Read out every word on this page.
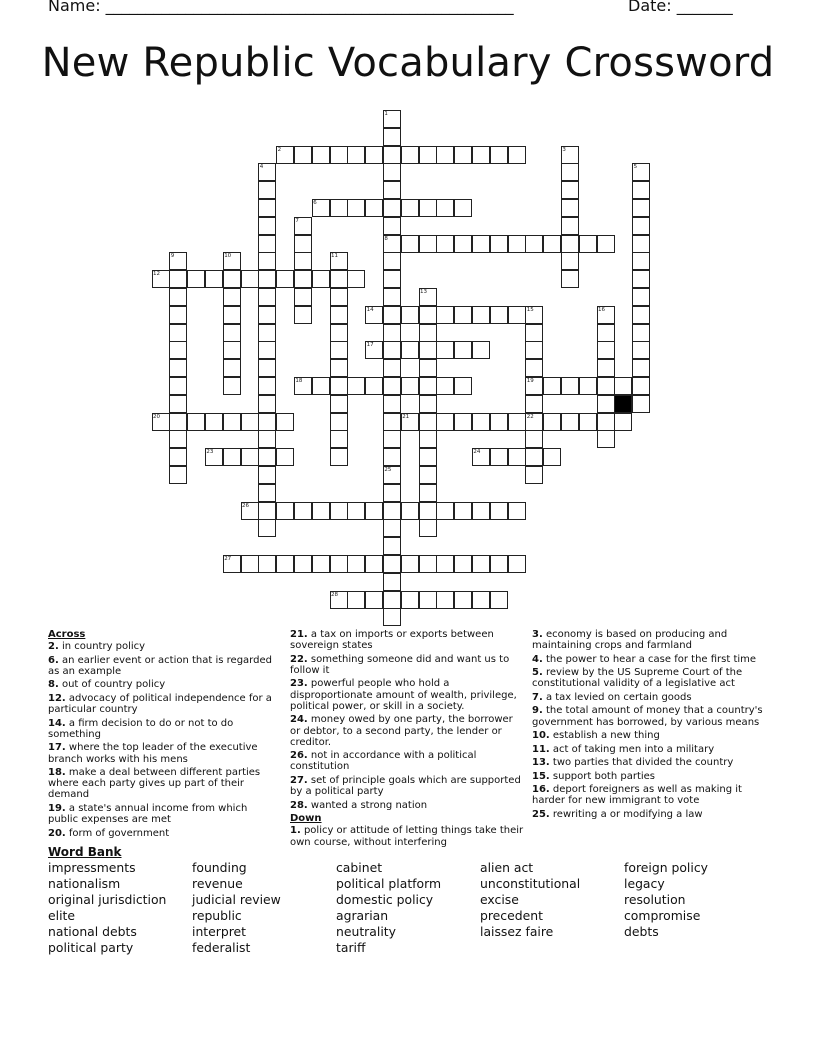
Name: ___________________________________________________	Date: _______
New Republic Vocabulary Crossword
1
2	3
4	5
6
7
8
9	10	11
12
13
14	15	16
17
18	19
20	21	22
23	24
25
26
27
28
Across
2. in country policy
6. an earlier event or action that is regarded as an example
8. out of country policy
12. advocacy of political independence for a particular country
14. a firm decision to do or not to do something
17. where the top leader of the executive branch works with his mens
18. make a deal between different parties where each party gives up part of their demand
19. a state's annual income from which public expenses are met
20. form of government
21. a tax on imports or exports between sovereign states
22. something someone did and want us to follow it
23. powerful people who hold a disproportionate amount of wealth, privilege, political power, or skill in a society.
24. money owed by one party, the borrower or debtor, to a second party, the lender or creditor.
26. not in accordance with a political constitution
27. set of principle goals which are supported by a political party
28. wanted a strong nation
Down
1. policy or attitude of letting things take their own course, without interfering
3. economy is based on producing and maintaining crops and farmland
4. the power to hear a case for the first time
5. review by the US Supreme Court of the constitutional validity of a legislative act
7. a tax levied on certain goods
9. the total amount of money that a country's government has borrowed, by various means
10. establish a new thing
11. act of taking men into a military
13. two parties that divided the country
15. support both parties
16. deport foreigners as well as making it harder for new immigrant to vote
25. rewriting a or modifying a law
Word Bank
impressments
nationalism
original jurisdiction
elite
national debts
political party
founding
revenue
judicial review
republic
interpret
federalist
cabinet
political platform
domestic policy
agrarian
neutrality
tariff
alien act
unconstitutional
excise
precedent
laissez faire
foreign policy
legacy
resolution
compromise
debts
